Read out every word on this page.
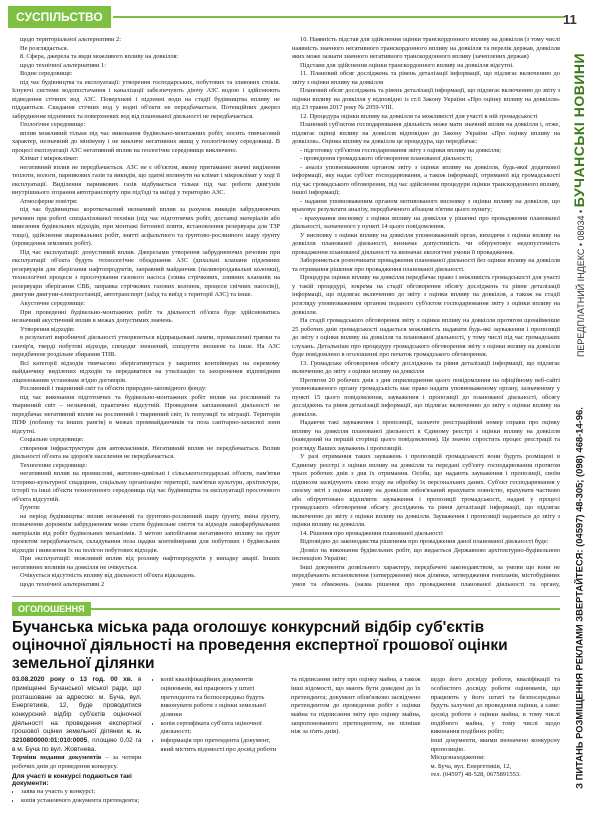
СУСПІЛЬСТВО	11
ПЕРЕДПЛАТНИЙ ІНДЕКС • 08034 • БУЧАНСЬКІ НОВИНИ
З ПИТАНЬ РОЗМІЩЕННЯ РЕКЛАМИ ЗВЕРТАЙТЕСЯ: (04597) 48-305; (098) 468-14-96.

щодо територіальної альтернативи 2:

Не розглядається.

8. Сфера, джерела та види можливого впливу на довкілля:

щодо технічної альтернативи 1:

Водне середовище:

під час будівництва та експлуатації: утворення господарських, побутових та зливових стоків. Існуючі системи водопостачання і каналізації забезпечують діючу АЗС водою і здійснюють відведення стічних вод АЗС. Поверхневі і підземні води на стадії будівництва впливу не піддаються. Скидання стічних вод у водні об'єкти не передбачається. Потенційних джерел забруднення підземних та поверхневих вод від планованої діяльності не передбачається.

Геологічне середовище:

вплив можливий тільки під час виконання будівельно-монтажних робіт, носить тимчасовий характер, незначний до мінімуму і не викличе негативних явищ у геологічному середовищі. В процесі експлуатації АЗС негативний вплив на геологічне середовище виключено.

Клімат і мікроклімат:

негативний вплив не передбачається. АЗС не є об'єктом, якому притаманні значні виділення теплоти, вологи, парникових газів та викидів, що здатні вплинути на клімат і мікроклімат у ході її експлуатації. Виділення парникових газів відбувається тільки під час роботи двигунів внутрішнього згорання автотранспорту при під'їзді та виїзді у територію АЗС.

Атмосферне повітря:

під час будівництва: короткочасний незначний вплив за рахунок викидів забруднюючих речовин при роботі спеціалізованої техніки (під час підготовчих робіт, доставці матеріалів або вивезення будівельних відходів, при монтажі бетонної плити, встановлення резервуара для ТЗР тощо), здійснення зварювальних робіт, знятті асфальтного та ґрунтово-рослинного шару ґрунту (проведення земляних робіт).

Під час експлуатації: допустимий вплив. Джерелами утворення забруднюючих речовин при експлуатації об'єкта будуть технологічне обладнання АЗС (дихальні клапани підземних резервуарів для зберігання нафтопродуктів, заправний майданчик (паливороздавальні колонки), технологічні процеси з просочування газового насоса (злива стрічкових, зливних клапанів на резервуари зберігання СВБ, заправка стрічкових газових колонок, процеси свічних насосів)), двигуни двигуни-електростанції, автотранспорт (заїзд та виїзд з території АЗС) та інше.

Акустичне середовище:

При проведенні будівельно-монтажних робіт та діяльності об'єкта буде здійснюватись незначний акустичний вплив в межах допустимих значень.

Утворення відходів:

в результаті виробничої діяльності утворюються відпрацьовані лампи, промасленні тряпки та ганчір'я, тверді побутові відходи, спецодяг зношений, спецзуття зношене та інше. На АЗС передбачене роздільне збирання ТПВ.

Всі категорії відходів тимчасово зберігатимуться у закритих контейнерах на окремому майданчику виділених відходів та передаватися на утилізацію та захоронення відповідним ліцензованим установам згідно договорів.

Рослинний і тваринний світ та об'єкти природно-заповідного фонду:

під час виконання підготовчих та будівельно-монтажних робіт вплив на рослинний та тваринний світ – незначний, практично відсутній. Проведення запланованої діяльності не передбачає негативний вплив на рослинний і тваринний світ, їх популяції та міграції. Територія ППФ (поблизу та інших рангів) в межах проммайданчиків та поза санітарно-захисної зони відсутні.

Соціальне середовище:

створення інфраструктури для автовласників. Негативний вплив не передбачається. Вплив діяльності об'єкта на здоров'я населення не передбачається.

Техногенне середовище:

негативний вплив на промислові, житлово-цивільні і сільськогосподарські об'єкти, пам'ятки історико-культурної спадщини, соціальну організацію території, пам'ятки культури, архітектури, історії та інші об'єкти техногенного середовища під час будівництва та експлуатації просочового об'єкта відсутній.

Ґрунти:

на період будівництва: вплив незначний та ґрунтово-рослинний шару ґрунту, зміна ґрунту, позначення дорожнім забрудненням може стати будівельне сміття та відходів лакофарбувальних матеріалів від робіт будівельних механізмів. З метою запобігання негативного впливу на ґрунт проектом передбачається, складування поза щадки контейнерами для побутових і будівельних відходів і вивезення їх на полігон побутових відходів.

При експлуатації: можливий вплив від розливу нафтопродуктів у випадку аварії. Інших негативних впливів на довкілля не очікується.

Очікується відсутність впливу від діяльності об'єкта відкладень.

щодо технічної альтернативи 2

10. Наявність підстав для здійснення оцінки транскордонного впливу на довкілля (з тому числі наявність значного негативного транскордонного впливу на довкілля та перелік держав, довкілля яких може зазнати значного негативного транскордонного впливу (зачеплених держав)

Підстави для здійснення оцінки транскордонного впливу на довкілля відсутні.

11. Плановий обсяг досліджень та рівень деталізації інформації, що підлягає включенню до звіту з оцінки впливу на довкілля

Плановий обсяг досліджень та рівень деталізації інформації, що підлягає включенню до звіту з оцінки впливу на довкілля у відповідно із ст.6 Закону України «Про оцінку впливу на довкілля» від 23 травня 2017 року № 2059-VIII.

12. Процедура оцінки впливу на довкілля та можливості для участі в ній громадськості

Плановий суб'єктом господарювання діяльність може мати значний вплив на довкілля і, отже, підлягає оцінці впливу на довкілля відповідно до Закону України «Про оцінку впливу на довкілля». Оцінка впливу на довкілля це процедура, що передбачає:

- підготовку суб'єктом господарювання звіту з оцінки впливу на довкілля;

- проведення громадського обговорення планованої діяльності;

- аналіз уповноваженим органом звіту з оцінки впливу на довкілля, будь-якої додаткової інформації, яку надає суб'єкт господарювання, а також інформації, отриманої від громадськості під час громадського обговорення, під час здійснення процедури оцінки транскордонного впливу, іншої інформації;

- надання уповноваженим органом мотивованого висновку з оцінки впливу на довкілля, що враховує результати аналізу, передбаченого абзацом п'ятим цього пункту;

- врахування висновку з оцінки впливу на довкілля у рішенні про провадження планованої діяльності, зазначеного у пункті 14 цього повідомлення.

У висновку з оцінки впливу на довкілля уповноважений орган, виходячи з оцінки впливу на довкілля планованої діяльності, визначає допустимість чи обґрунтовує недопустимість провадження планованої діяльності та визначає екологічні умови її провадження.

Забороняється розпочинати провадження планованої діяльності без оцінки впливу на довкілля та отримання рішення про провадження планованої діяльності.

Процедура оцінки впливу на довкілля передбачає право і можливість громадськості для участі у такій процедурі, зокрема на стадії обговорення обсягу досліджень та рівня деталізації інформації, що підлягає включенню до звіту з оцінки впливу на довкілля, а також на стадії розгляду уповноваженим органом поданого суб'єктом господарювання звіту з оцінки впливу на довкілля.

На стадії громадського обговорення звіту з оцінки впливу на довкілля протягом щонайменше 25 робочих днів громадськості надається можливість надавати будь-які зауваження і пропозиції до звіту з оцінки впливу на довкілля та планованої діяльності, у тому числі під час громадських слухань. Детальніше про процедуру громадського обговорення звіту з оцінки впливу на довкілля буде повідомлено в оголошенні про початок громадського обговорення.

13. Громадське обговорення обсягу досліджень та рівня деталізації інформації, що підлягає включенню до звіту з оцінки впливу на довкілля

Протягом 20 робочих днів з дня оприлюднення цього повідомлення на офіційному веб-сайті уповноваженого органу громадськість має право надати уповноваженому органу, зазначеному у пункті 15 цього повідомлення, зауваження і пропозиції до планованої діяльності, обсягу досліджень та рівня деталізації інформації, що підлягає включенню до звіту з оцінки впливу на довкілля.

Надаючи такі зауваження і пропозиції, зазначте реєстраційний номер справи про оцінку впливу на довкілля планованої діяльності в Єдиному реєстрі з оцінки впливу на довкілля (наведений на першій сторінці цього повідомлення). Це значно спростить процес реєстрації та розгляду Ваших зауважень і пропозицій.

У разі отримання таких зауважень і пропозицій громадськості вони будуть розміщені в Єдиному реєстрі з оцінки впливу на довкілля та передані суб'єкту господарювання протягом трьох робочих днів з дня їх отримання. Особи, що надають зауваження і пропозиції, своїм підписом засвідчують свою згоду на обробку їх персональних даних. Суб'єкт господарювання у своєму звіті з оцінки впливу на довкілля зобов'язаний врахувати повністю, врахувати частково або обґрунтовано відхилити зауваження і пропозиції громадськості, надані у процесі громадського обговорення обсягу досліджень та рівня деталізації інформації, що підлягає включенню до звіту з оцінки впливу на довкілля. Зауваження і пропозиції надаються до звіту з оцінки впливу на довкілля.

14. Рішення про провадження планованої діяльності

Відповідно до законодавства рішенням про провадження даної планованої діяльності буде:

Дозвіл на виконання будівельних робіт, що видається Державною архітектурно-будівельною інспекцією України;

Інші документи дозвільного характеру, передбачені законодавством, за умови що вони не передбачають встановлення (затвердження) меж ділянки, затвердження генпланів, містобудівних умов та обмежень. (назва рішення про провадження планованої діяльності та органу,

ОГОЛОШЕННЯ
Бучанська міська рада оголошує конкурсний відбір суб'єктів оціночної діяльності на проведення експертної грошової оцінки земельної ділянки

03.08.2020 року о 13 год. 00 хв. в приміщенні Бучанської міської ради, що розташоване за адресою: м. Буча, вул. Енергетиків, 12, буде проводитися конкурсний відбір суб'єктів оціночної діяльності на проведення експертної грошової оцінки земельної ділянки к. н. 3210800000:01:010:0005, площею 0,02 га в м. Буча по вул. Жовтнева.

Терміни подання документів – за чотири робочих днів до проведення конкурсу.

Для участі в конкурсі подаються такі документи:
• заява на участь у конкурсі;
• копія установчого документа претендента;
• копії кваліфікаційних документів оцінювачів, які працюють у штаті претендента та безпосередньо будуть виконувати роботи з оцінки земельної ділянки
• копія сертифіката суб'єкта оціночної діяльності;
• інформація про претендента (документ, який містить відомості про досвід роботи

та підписання звіту про оцінку майна, а також інші відомості, що мають бути доведені до їх претендента; документ обов'язково засвідчено претендентом до проведення робіт з оцінки майна та підписання звіту про оцінку майна, запропонованого претендентом, не пізніше ніж за п'ять днів).

щодо його досвіду роботи, кваліфікації та особистого досвіду роботи оцінювачів, що працюють у його штаті та безпосередньо будуть залучені до проведення оцінки, а саме: досвід роботи з оцінки майна, в тому числі подібного майна, у тому числі щодо виконання подібних робіт;

інші документи, якими визначено конкурсну пропозицію.

Місцезнаходження:

м. Буча, вул. Енергетиків, 12,

тел. (04597) 48-528, 0675891553.
